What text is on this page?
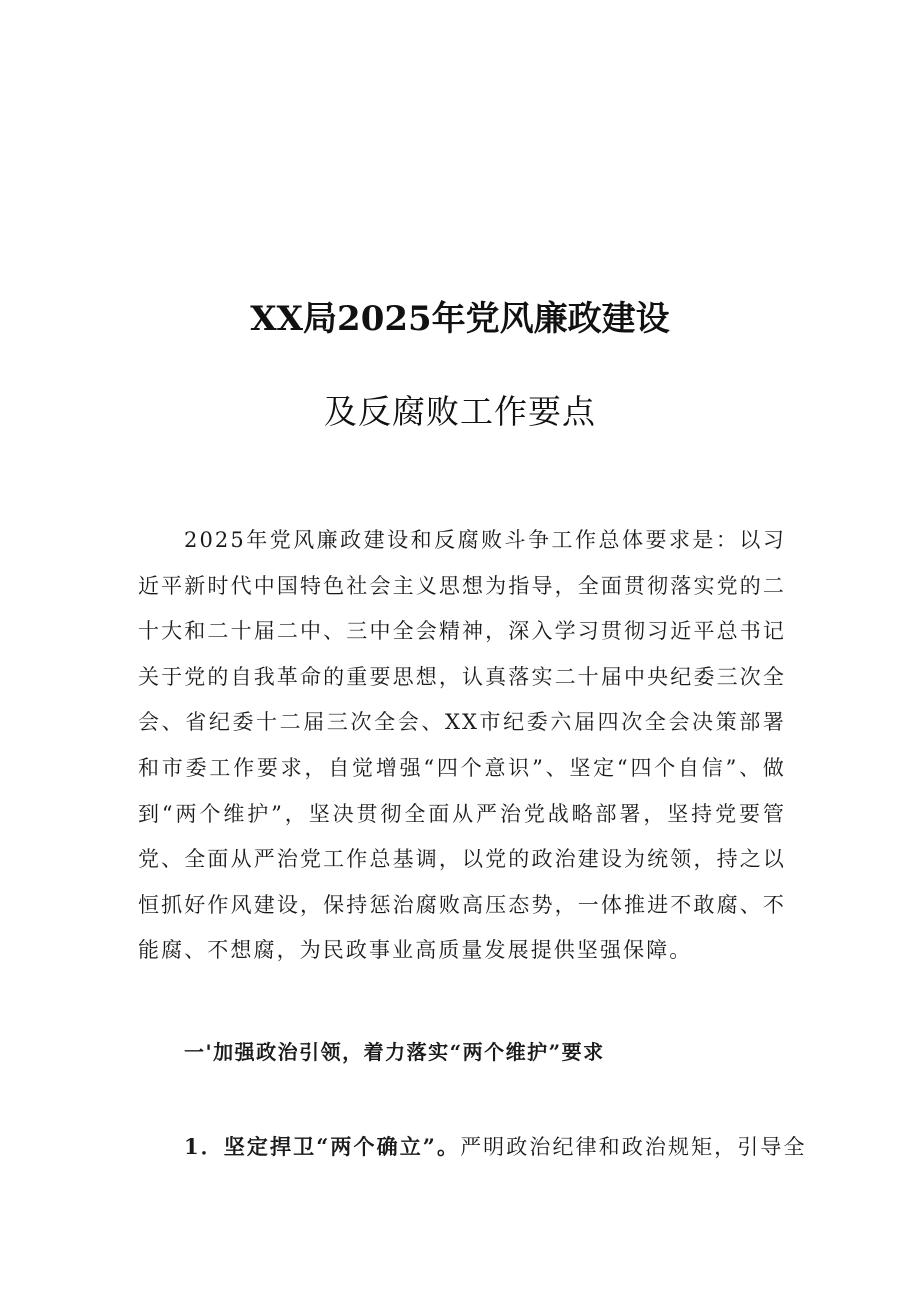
XX局2025年党风廉政建设
及反腐败工作要点

2025年党风廉政建设和反腐败斗争工作总体要求是：以习近平新时代中国特色社会主义思想为指导，全面贯彻落实党的二十大和二十届二中、三中全会精神，深入学习贯彻习近平总书记关于党的自我革命的重要思想，认真落实二十届中央纪委三次全会、省纪委十二届三次全会、XX市纪委六届四次全会决策部署和市委工作要求，自觉增强“四个意识”、坚定“四个自信”、做到“两个维护”，坚决贯彻全面从严治党战略部署，坚持党要管党、全面从严治党工作总基调，以党的政治建设为统领，持之以恒抓好作风建设，保持惩治腐败高压态势，一体推进不敢腐、不能腐、不想腐，为民政事业高质量发展提供坚强保障。

一'加强政治引领，着力落实“两个维护”要求

1．坚定捍卫“两个确立”。严明政治纪律和政治规矩，引导全
